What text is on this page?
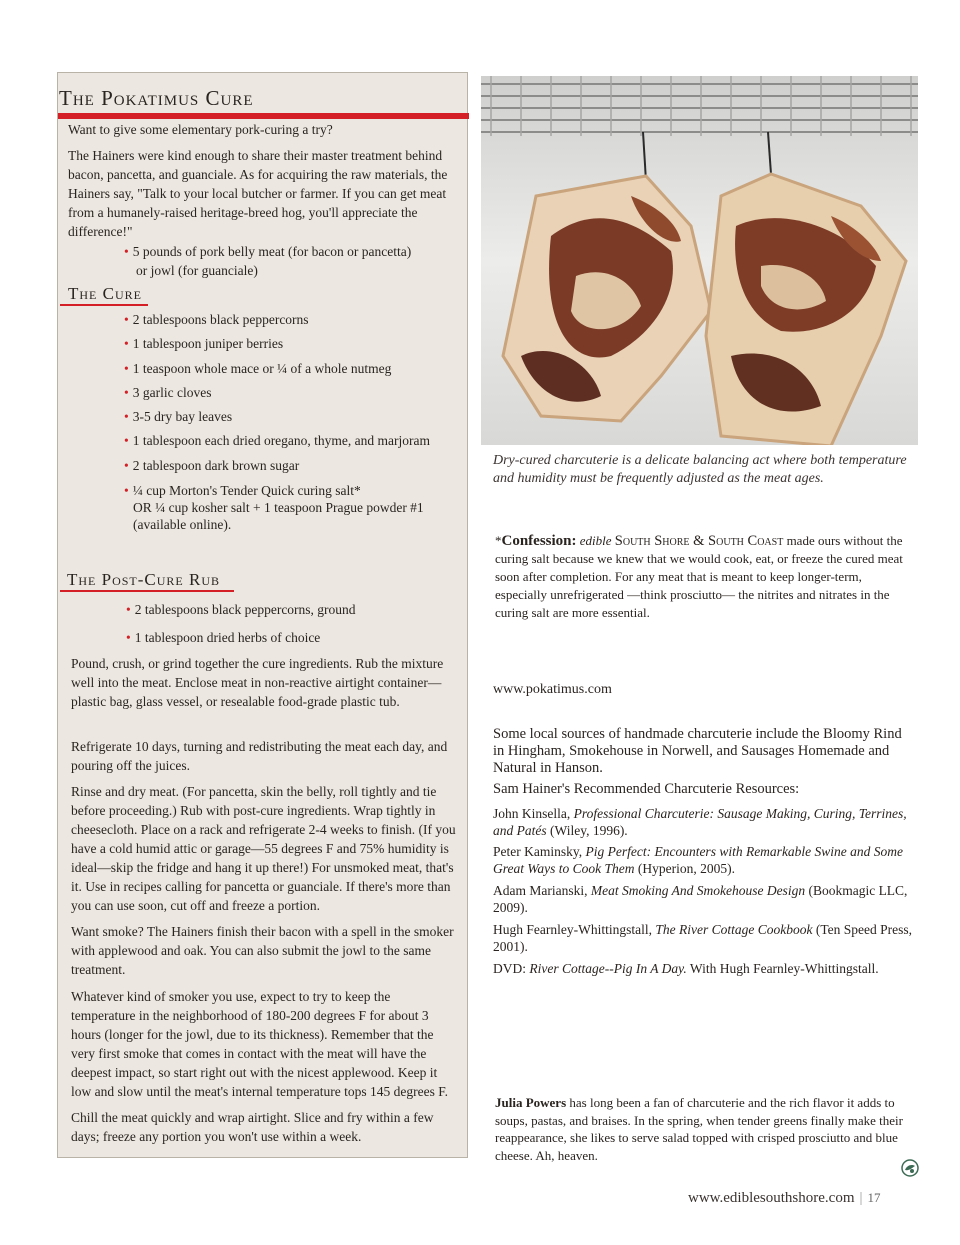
The Pokatimus Cure

Want to give some elementary pork-curing a try?

The Hainers were kind enough to share their master treatment behind bacon, pancetta, and guanciale. As for acquiring the raw materials, the Hainers say, "Talk to your local butcher or farmer. If you can get meat from a humanely-raised heritage-breed hog, you'll appreciate the difference!"

• 5 pounds of pork belly meat (for bacon or pancetta)
or jowl (for guanciale)
The Cure
• 2 tablespoons black peppercorns
• 1 tablespoon juniper berries
• 1 teaspoon whole mace or ¼ of a whole nutmeg
• 3 garlic cloves
• 3-5 dry bay leaves
• 1 tablespoon each dried oregano, thyme, and marjoram
• 2 tablespoon dark brown sugar
• ¼ cup Morton's Tender Quick curing salt*
OR ¼ cup kosher salt + 1 teaspoon Prague powder #1
(available online).
The Post-Cure Rub
• 2 tablespoons black peppercorns, ground
• 1 tablespoon dried herbs of choice

Pound, crush, or grind together the cure ingredients. Rub the mixture well into the meat. Enclose meat in non-reactive airtight container—plastic bag, glass vessel, or resealable food-grade plastic tub.

Refrigerate 10 days, turning and redistributing the meat each day, and pouring off the juices.

Rinse and dry meat. (For pancetta, skin the belly, roll tightly and tie before proceeding.) Rub with post-cure ingredients. Wrap tightly in cheesecloth. Place on a rack and refrigerate 2-4 weeks to finish. (If you have a cold humid attic or garage—55 degrees F and 75% humidity is ideal—skip the fridge and hang it up there!) For unsmoked meat, that's it. Use in recipes calling for pancetta or guanciale. If there's more than you can use soon, cut off and freeze a portion.

Want smoke? The Hainers finish their bacon with a spell in the smoker with applewood and oak. You can also submit the jowl to the same treatment.

Whatever kind of smoker you use, expect to try to keep the temperature in the neighborhood of 180-200 degrees F for about 3 hours (longer for the jowl, due to its thickness). Remember that the very first smoke that comes in contact with the meat will have the deepest impact, so start right out with the nicest applewood. Keep it low and slow until the meat's internal temperature tops 145 degrees F.

Chill the meat quickly and wrap airtight. Slice and fry within a few days; freeze any portion you won't use within a week.

Dry-cured charcuterie is a delicate balancing act where both temperature and humidity must be frequently adjusted as the meat ages.
*Confession: edible South Shore & South Coast made ours without the curing salt because we knew that we would cook, eat, or freeze the cured meat soon after completion. For any meat that is meant to keep longer-term, especially unrefrigerated —think prosciutto— the nitrites and nitrates in the curing salt are more essential.
www.pokatimus.com
Some local sources of handmade charcuterie include the Bloomy Rind in Hingham, Smokehouse in Norwell, and Sausages Homemade and Natural in Hanson.
Sam Hainer's Recommended Charcuterie Resources:
John Kinsella, Professional Charcuterie: Sausage Making, Curing, Terrines, and Patés (Wiley, 1996).
Peter Kaminsky, Pig Perfect: Encounters with Remarkable Swine and Some Great Ways to Cook Them (Hyperion, 2005).
Adam Marianski, Meat Smoking And Smokehouse Design (Bookmagic LLC, 2009).
Hugh Fearnley-Whittingstall, The River Cottage Cookbook (Ten Speed Press, 2001).
DVD: River Cottage--Pig In A Day. With Hugh Fearnley-Whittingstall.
Julia Powers has long been a fan of charcuterie and the rich flavor it adds to soups, pastas, and braises. In the spring, when tender greens finally make their reappearance, she likes to serve salad topped with crisped prosciutto and blue cheese. Ah, heaven.
www.ediblesouthshore.com | 17
